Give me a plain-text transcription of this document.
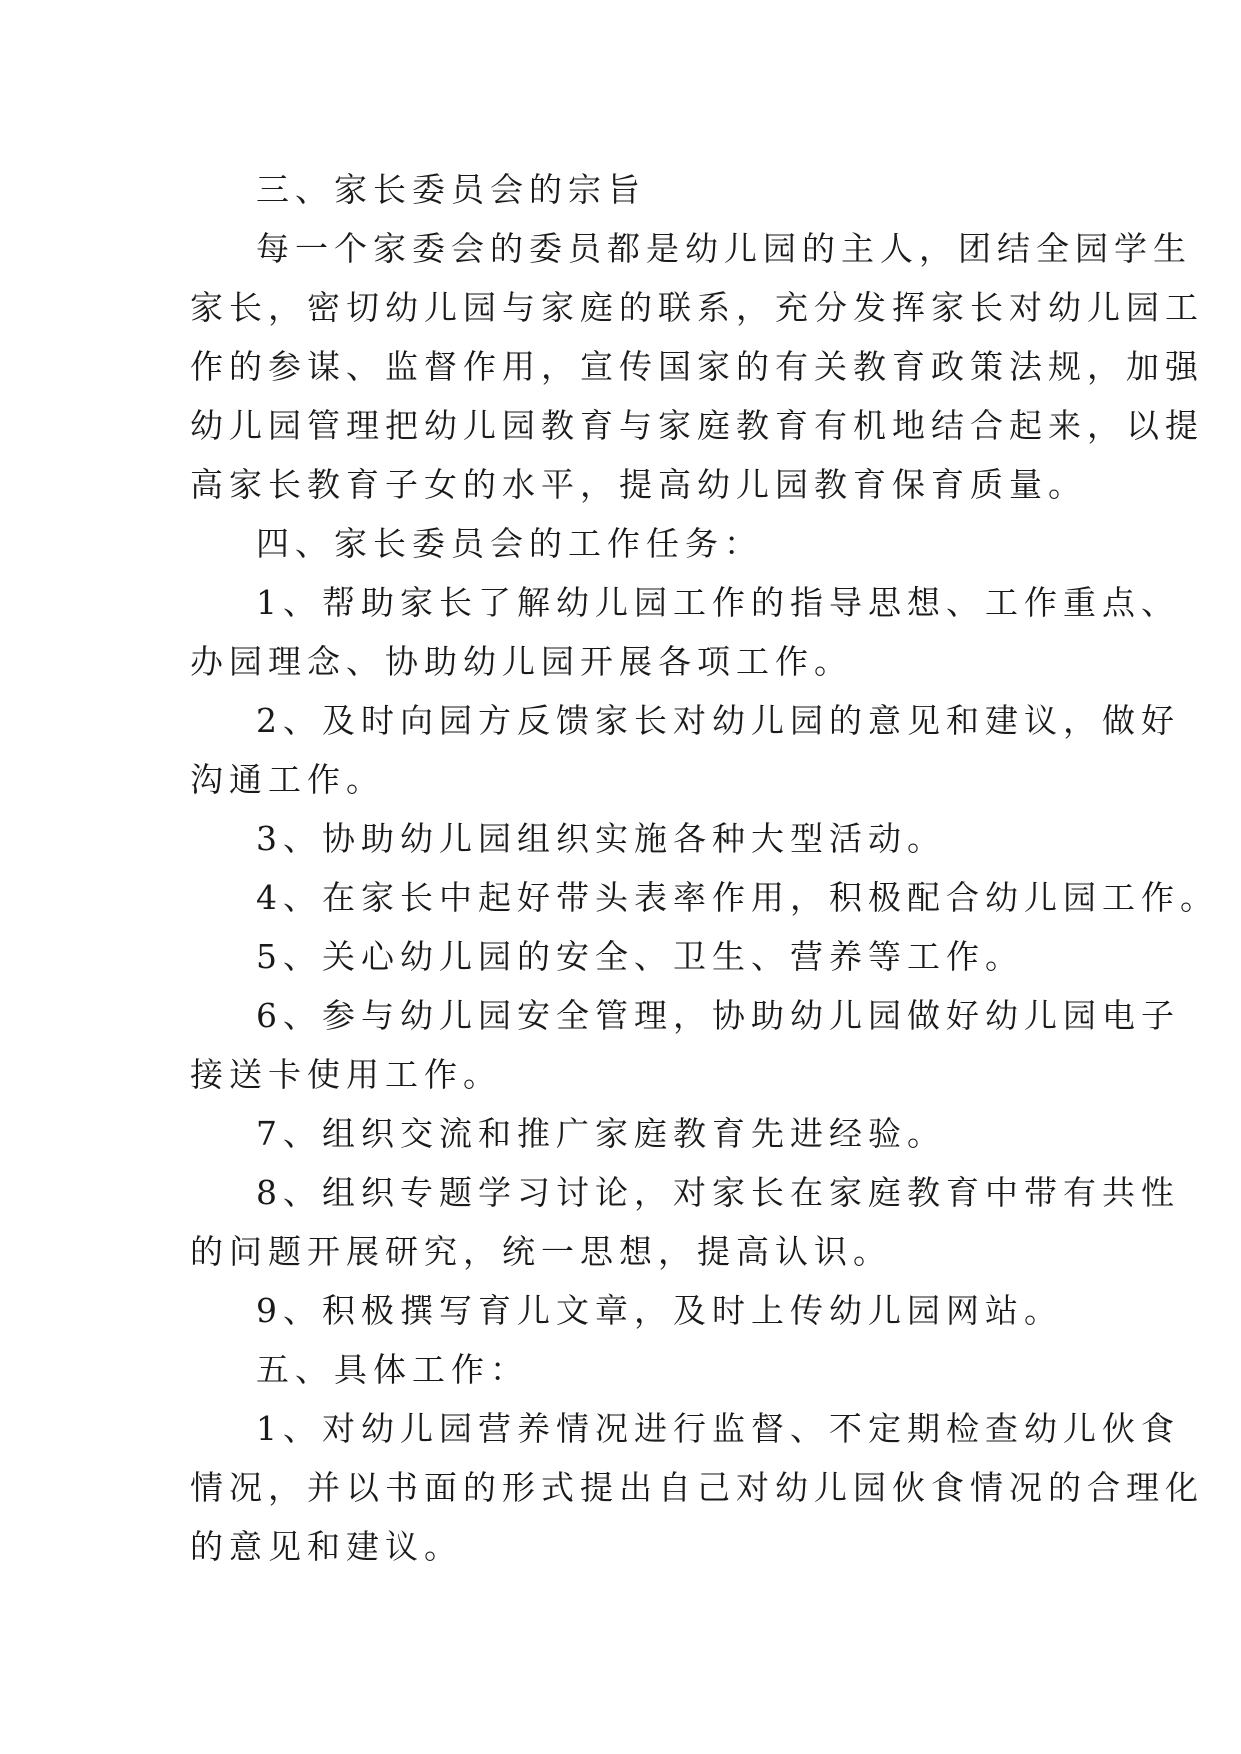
三、家长委员会的宗旨
每一个家委会的委员都是幼儿园的主人，团结全园学生
家长，密切幼儿园与家庭的联系，充分发挥家长对幼儿园工
作的参谋、监督作用，宣传国家的有关教育政策法规，加强
幼儿园管理把幼儿园教育与家庭教育有机地结合起来，以提
高家长教育子女的水平，提高幼儿园教育保育质量。
四、家长委员会的工作任务：
1、帮助家长了解幼儿园工作的指导思想、工作重点、
办园理念、协助幼儿园开展各项工作。
2、及时向园方反馈家长对幼儿园的意见和建议，做好
沟通工作。
3、协助幼儿园组织实施各种大型活动。
4、在家长中起好带头表率作用，积极配合幼儿园工作。
5、关心幼儿园的安全、卫生、营养等工作。
6、参与幼儿园安全管理，协助幼儿园做好幼儿园电子
接送卡使用工作。
7、组织交流和推广家庭教育先进经验。
8、组织专题学习讨论，对家长在家庭教育中带有共性
的问题开展研究，统一思想，提高认识。
9、积极撰写育儿文章，及时上传幼儿园网站。
五、具体工作：
1、对幼儿园营养情况进行监督、不定期检查幼儿伙食
情况，并以书面的形式提出自己对幼儿园伙食情况的合理化
的意见和建议。
